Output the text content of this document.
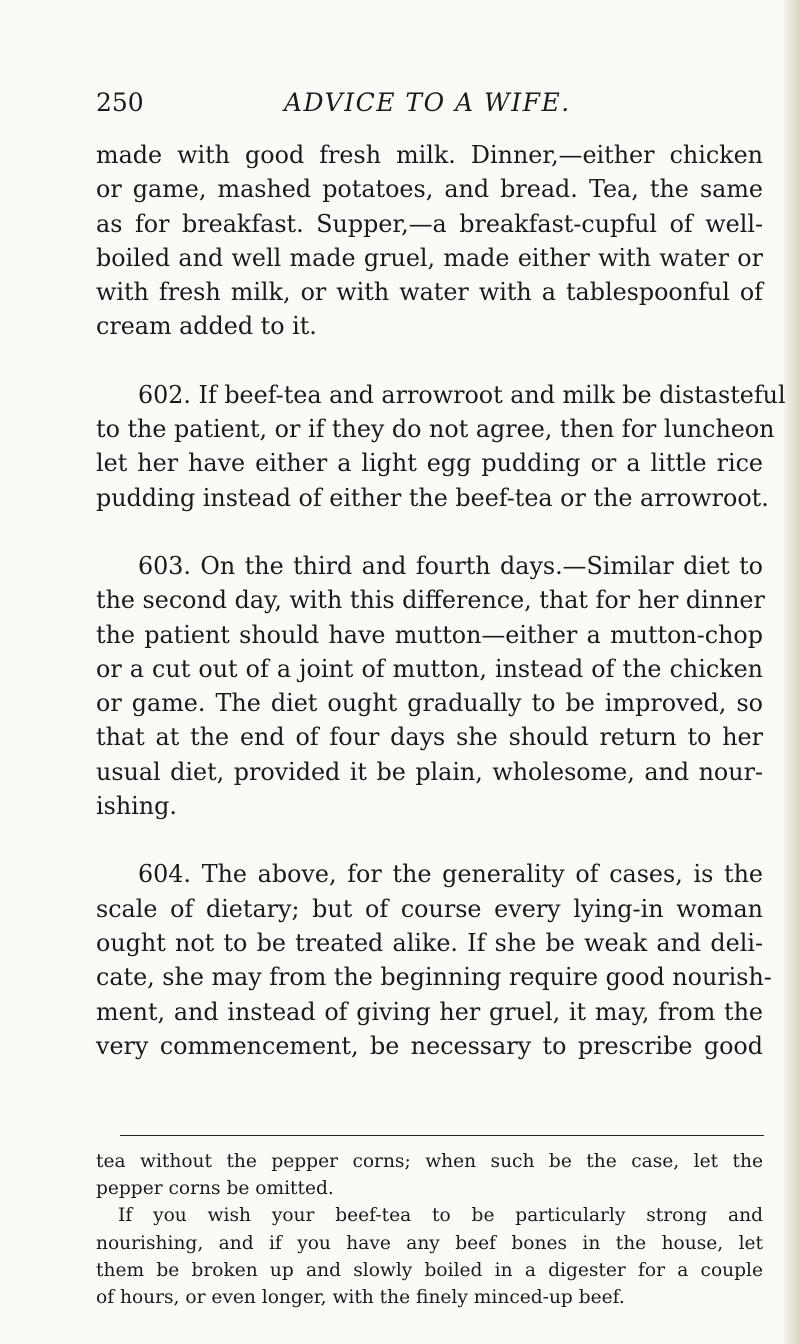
250	ADVICE TO A WIFE.
made with good fresh milk. Dinner,—either chicken
or game, mashed potatoes, and bread. Tea, the same
as for breakfast. Supper,—a breakfast-cupful of well-
boiled and well made gruel, made either with water or
with fresh milk, or with water with a tablespoonful of
cream added to it.
602. If beef-tea and arrowroot and milk be distasteful
to the patient, or if they do not agree, then for luncheon
let her have either a light egg pudding or a little rice
pudding instead of either the beef-tea or the arrowroot.
603. On the third and fourth days.—Similar diet to
the second day, with this difference, that for her dinner
the patient should have mutton—either a mutton-chop
or a cut out of a joint of mutton, instead of the chicken
or game. The diet ought gradually to be improved, so
that at the end of four days she should return to her
usual diet, provided it be plain, wholesome, and nour-
ishing.
604. The above, for the generality of cases, is the
scale of dietary; but of course every lying-in woman
ought not to be treated alike. If she be weak and deli-
cate, she may from the beginning require good nourish-
ment, and instead of giving her gruel, it may, from the
very commencement, be necessary to prescribe good
tea without the pepper corns; when such be the case, let the
pepper corns be omitted.
If you wish your beef-tea to be particularly strong and
nourishing, and if you have any beef bones in the house, let
them be broken up and slowly boiled in a digester for a couple
of hours, or even longer, with the finely minced-up beef.
